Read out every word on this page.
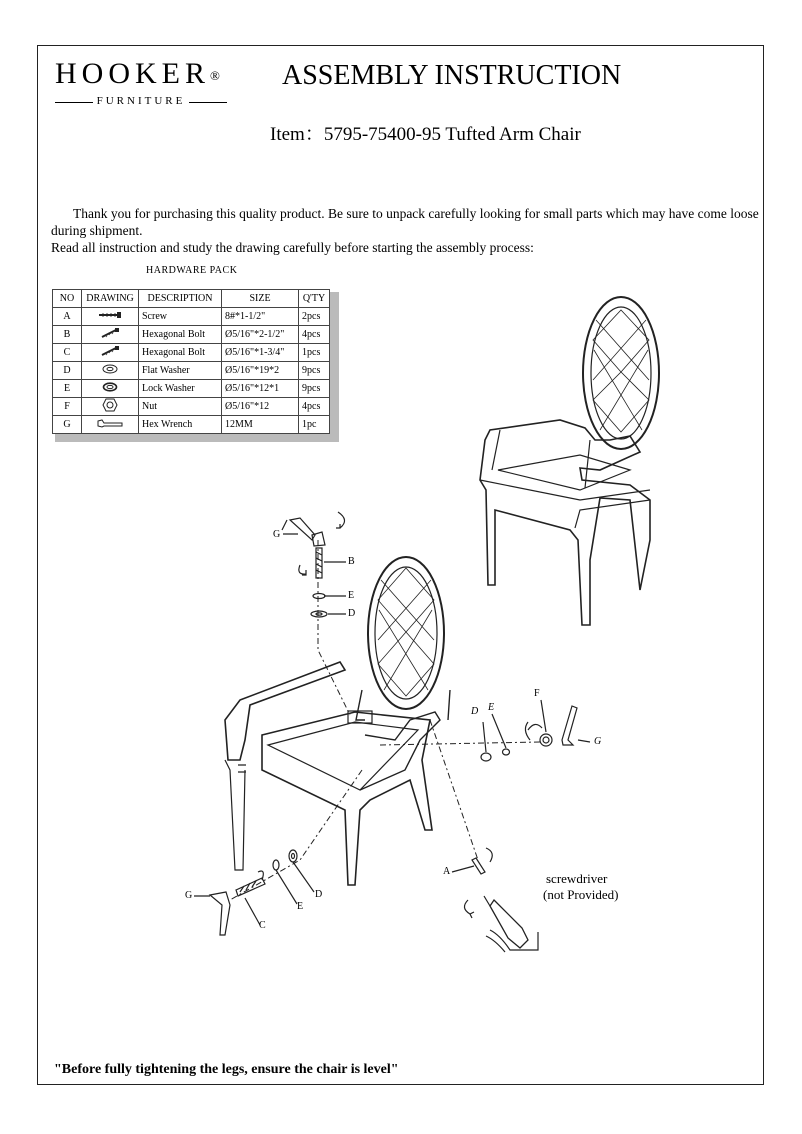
HOOKER®
FURNITURE
ASSEMBLY INSTRUCTION
Item：5795-75400-95 Tufted Arm Chair

Thank you for purchasing this quality product. Be sure to unpack carefully looking for small parts which may have come loose during shipment.

Read all instruction and study the drawing carefully before starting the assembly process:

HARDWARE PACK
NO	DRAWING	DESCRIPTION	SIZE	Q'TY
A		Screw	8#*1-1/2"	2pcs
B		Hexagonal Bolt	Ø5/16"*2-1/2"	4pcs
C		Hexagonal Bolt	Ø5/16"*1-3/4"	1pcs
D		Flat Washer	Ø5/16"*19*2	9pcs
E		Lock Washer	Ø5/16"*12*1	9pcs
F		Nut	Ø5/16"*12	4pcs
G		Hex Wrench	12MM	1pc
G
B
E
D
F
D E
G
G
C
E
D
A	screwdriver
(not Provided)
"Before fully tightening the legs, ensure the chair is level"
